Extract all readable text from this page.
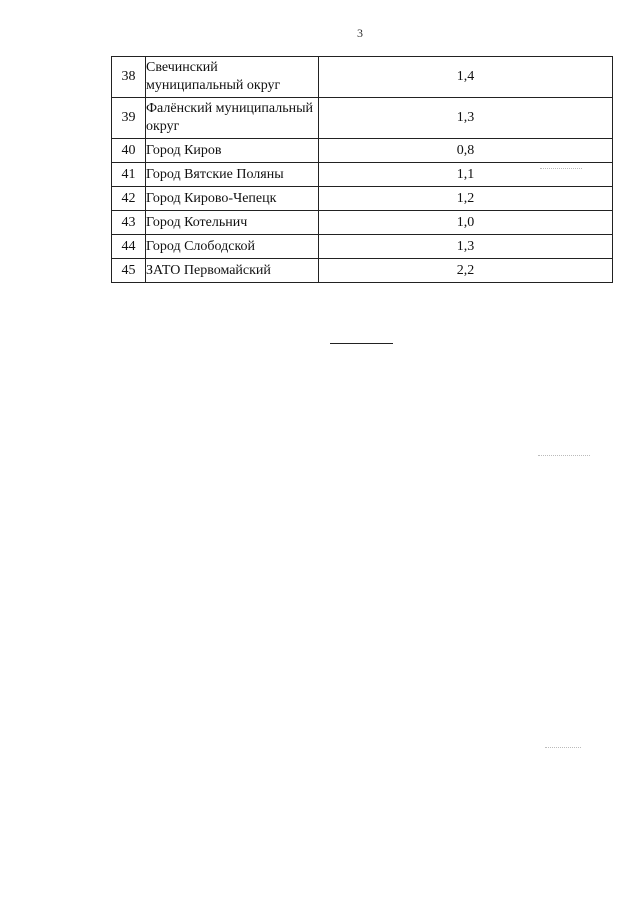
3
38	Свечинский муниципальный округ	1,4
39	Фалёнский муниципальный округ	1,3
40	Город Киров	0,8
41	Город Вятские Поляны	1,1
42	Город Кирово-Чепецк	1,2
43	Город Котельнич	1,0
44	Город Слободской	1,3
45	ЗАТО Первомайский	2,2
